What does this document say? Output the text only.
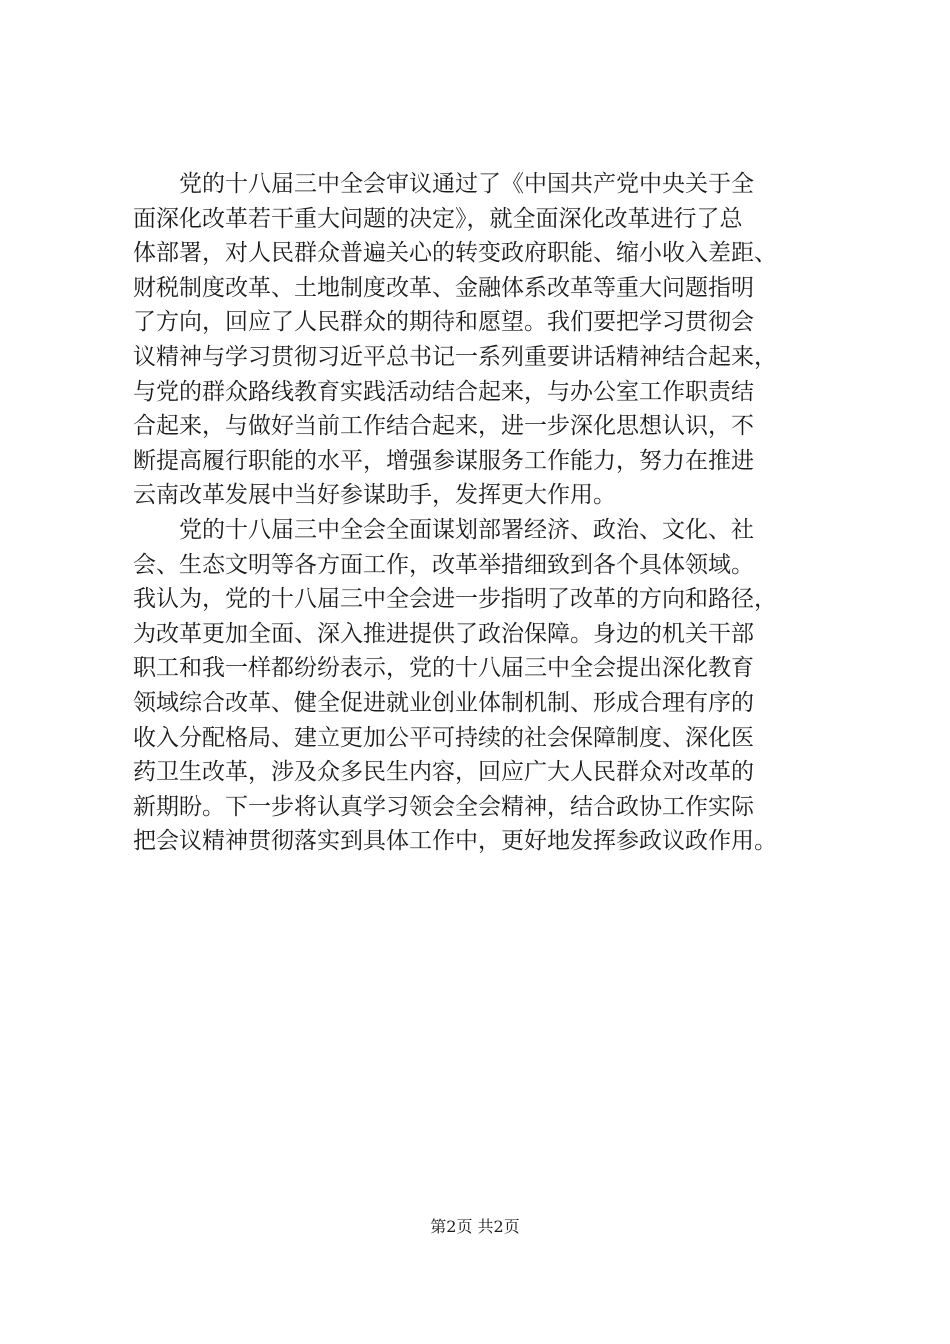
党的十八届三中全会审议通过了《中国共产党中央关于全
面深化改革若干重大问题的决定》，就全面深化改革进行了总
体部署，对人民群众普遍关心的转变政府职能、缩小收入差距、
财税制度改革、土地制度改革、金融体系改革等重大问题指明
了方向，回应了人民群众的期待和愿望。我们要把学习贯彻会
议精神与学习贯彻习近平总书记一系列重要讲话精神结合起来，
与党的群众路线教育实践活动结合起来，与办公室工作职责结
合起来，与做好当前工作结合起来，进一步深化思想认识，不
断提高履行职能的水平，增强参谋服务工作能力，努力在推进
云南改革发展中当好参谋助手，发挥更大作用。
党的十八届三中全会全面谋划部署经济、政治、文化、社
会、生态文明等各方面工作，改革举措细致到各个具体领域。
我认为，党的十八届三中全会进一步指明了改革的方向和路径，
为改革更加全面、深入推进提供了政治保障。身边的机关干部
职工和我一样都纷纷表示，党的十八届三中全会提出深化教育
领域综合改革、健全促进就业创业体制机制、形成合理有序的
收入分配格局、建立更加公平可持续的社会保障制度、深化医
药卫生改革，涉及众多民生内容，回应广大人民群众对改革的
新期盼。下一步将认真学习领会全会精神，结合政协工作实际
把会议精神贯彻落实到具体工作中，更好地发挥参政议政作用。
第2页 共2页
